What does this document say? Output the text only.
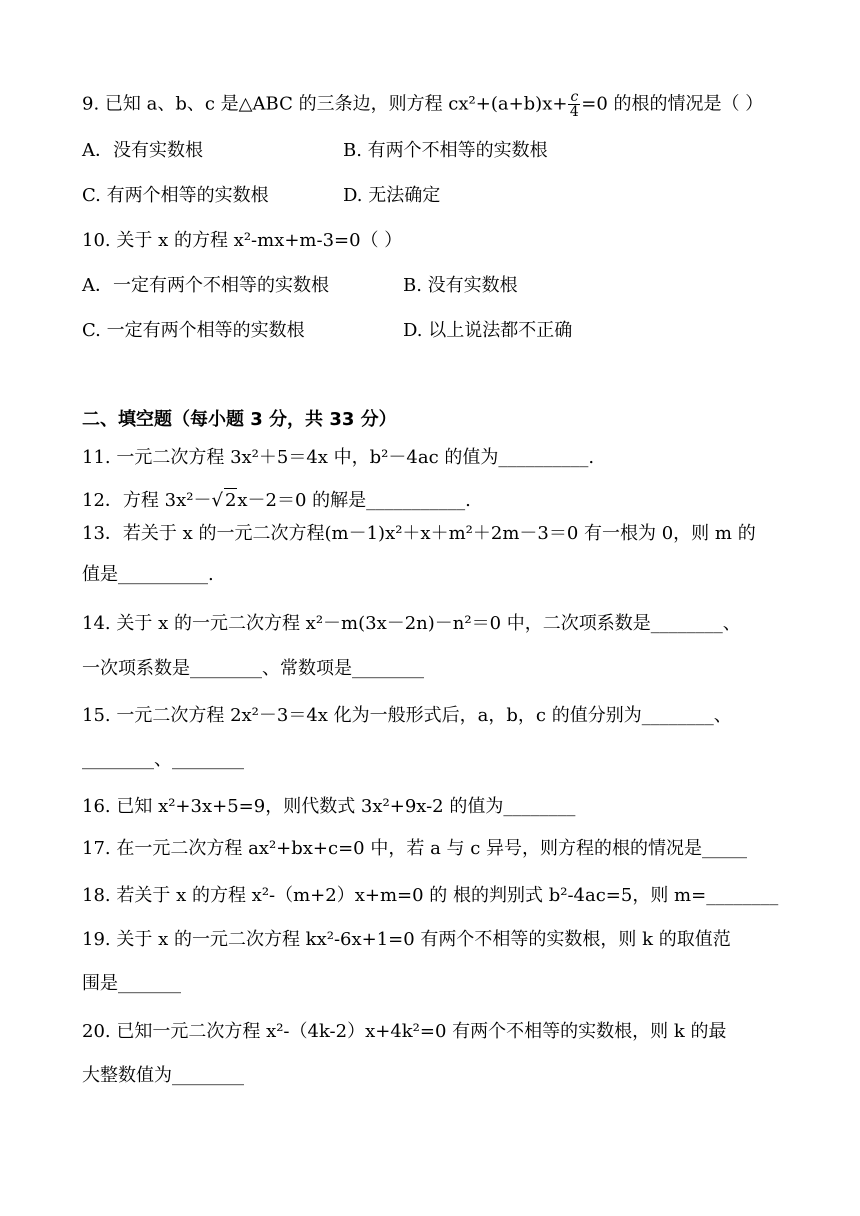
9. 已知 a、b、c 是△ABC 的三条边，则方程 $cx^2+(a+b)x+ \frac{c}{4} =0$ 的根的情况是（ ）
A．没有实数根	B. 有两个不相等的实数根
C. 有两个相等的实数根	D. 无法确定
10. 关于 x 的方程 x²-mx+m-3=0（ ）
A．一定有两个不相等的实数根	B. 没有实数根
C. 一定有两个相等的实数根	D. 以上说法都不正确
二、填空题（每小题 3 分，共 33 分）
11. 一元二次方程 3x²＋5＝4x 中，b²－4ac 的值为__________.
12．方程 3x²－√ 2x－2＝0 的解是___________.
13．若关于 x 的一元二次方程(m－1)x²＋x＋m²＋2m－3＝0 有一根为 0，则 m 的
值是__________.
14. 关于 x 的一元二次方程 x²－m(3x－2n)－n²＝0 中，二次项系数是________、
一次项系数是________、常数项是________
15. 一元二次方程 2x²－3＝4x 化为一般形式后，a，b，c 的值分别为________、
________、________
16. 已知 x²+3x+5=9，则代数式 3x²+9x-2 的值为________
17. 在一元二次方程 ax²+bx+c=0 中，若 a 与 c 异号，则方程的根的情况是_____
18. 若关于 x 的方程 x²-（m+2）x+m=0 的 根的判别式 b²-4ac=5，则 m=________
19. 关于 x 的一元二次方程 kx²-6x+1=0 有两个不相等的实数根，则 k 的取值范
围是_______
20. 已知一元二次方程 x²-（4k-2）x+4k²=0 有两个不相等的实数根，则 k 的最
大整数值为________
